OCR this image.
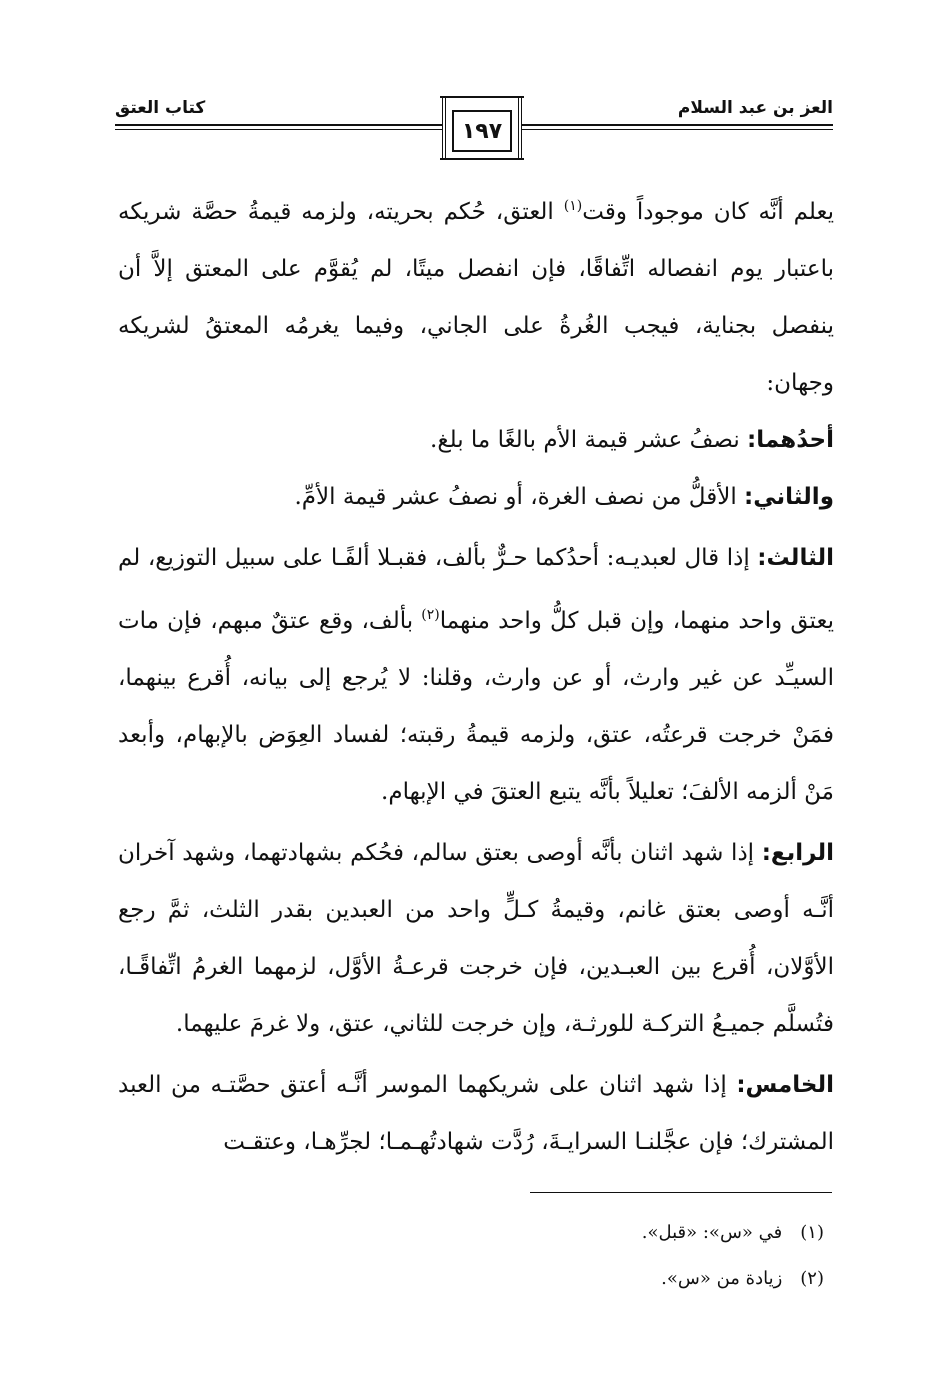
العز بن عبد السلام
كتاب العتق
١٩٧

يعلم أنَّه كان موجوداً وقت$^{(١)}$ العتق، حُكم بحريته، ولزمه قيمةُ حصَّة شريكه باعتبار يوم انفصاله اتِّفاقًا، فإن انفصل ميتًا، لم يُقوَّم على المعتق إلاَّ أن ينفصل بجناية، فيجب الغُرةُ على الجاني، وفيما يغرمُه المعتقُ لشريكه وجهان:

أحدُهما: نصفُ عشر قيمة الأم بالغًا ما بلغ.

والثاني: الأقلُّ من نصف الغرة، أو نصفُ عشر قيمة الأمِّ.

الثالث: إذا قال لعبديـه: أحدُكما حـرٌّ بألف، فقبـلا ألفًـا على سبيل التوزيع، لم يعتق واحد منهما، وإن قبل كلُّ واحد منهما$^{(٢)}$ بألف، وقع عتقٌ مبهم، فإن مات السيـِّد عن غير وارث، أو عن وارث، وقلنا: لا يُرجع إلى بيانه، أُقرع بينهما، فمَنْ خرجت قرعتُه، عتق، ولزمه قيمةُ رقبته؛ لفساد العِوَض بالإبهام، وأبعد مَنْ ألزمه الألفَ؛ تعليلاً بأنَّه يتبع العتقَ في الإبهام.

الرابع: إذا شهد اثنان بأنَّه أوصى بعتق سالم، فحُكم بشهادتهما، وشهد آخران أنَّـه أوصى بعتق غانم، وقيمةُ كـلٍّ واحد من العبدين بقدر الثلث، ثمَّ رجع الأوَّلان، أُقرع بين العبـدين، فإن خرجت قرعـةُ الأوَّل، لزمهما الغرمُ اتِّفاقًـا، فتُسلَّم جميـعُ التركـة للورثـة، وإن خرجت للثاني، عتق، ولا غرمَ عليهما.

الخامس: إذا شهد اثنان على شريكهما الموسر أنَّـه أعتق حصَّتـه من العبد المشترك؛ فإن عجَّلنـا السرايـةَ، رُدَّت شهادتُهـمـا؛ لجرِّهـا، وعتقـت

(١)في «س»: «قبل».
(٢)زيادة من «س».
